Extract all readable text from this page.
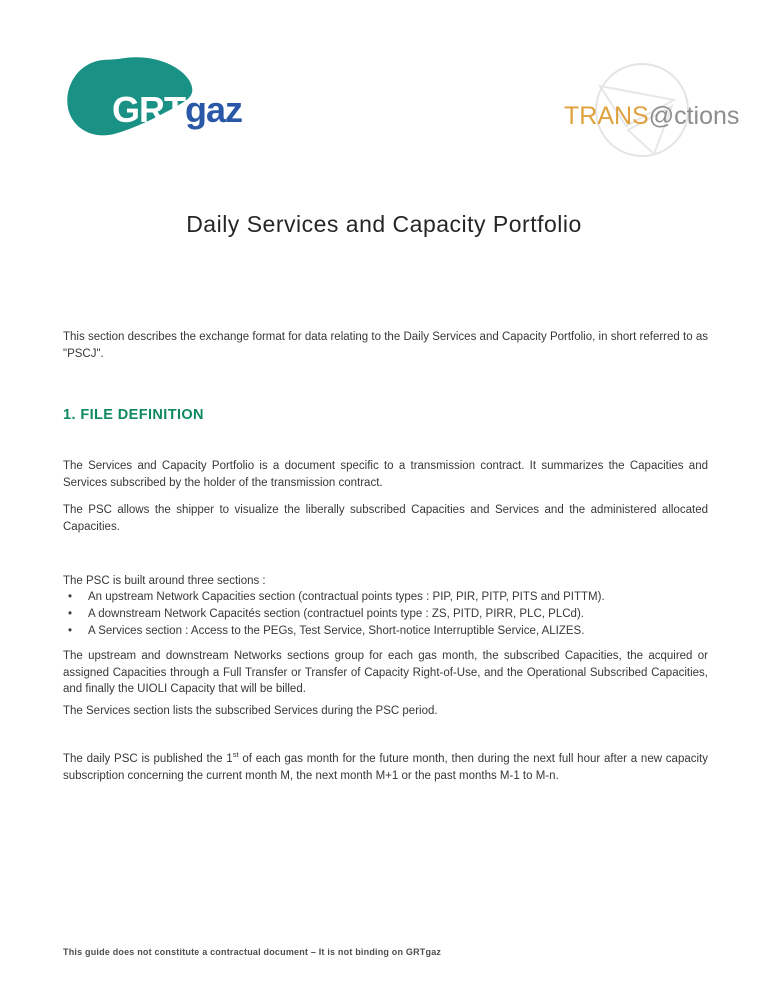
GRTgaz	TRANS@ctions
Daily Services and Capacity Portfolio

This section describes the exchange format for data relating to the Daily Services and Capacity Portfolio, in short referred to as "PSCJ".

1. FILE DEFINITION

The Services and Capacity Portfolio is a document specific to a transmission contract. It summarizes the Capacities and Services subscribed by the holder of the transmission contract.

The PSC allows the shipper to visualize the liberally subscribed Capacities and Services and the administered allocated Capacities.

The PSC is built around three sections :

•	An upstream Network Capacities section (contractual points types : PIP, PIR, PITP, PITS and PITTM).
•	A downstream Network Capacités section (contractuel points type : ZS, PITD, PIRR, PLC, PLCd).
•	A Services section : Access to the PEGs, Test Service, Short-notice Interruptible Service, ALIZES.

The upstream and downstream Networks sections group for each gas month, the subscribed Capacities, the acquired or assigned Capacities through a Full Transfer or Transfer of Capacity Right-of-Use, and the Operational Subscribed Capacities, and finally the UIOLI Capacity that will be billed.

The Services section lists the subscribed Services during the PSC period.

The daily PSC is published the 1st of each gas month for the future month, then during the next full hour after a new capacity subscription concerning the current month M, the next month M+1 or the past months M-1 to M-n.

This guide does not constitute a contractual document – It is not binding on GRTgaz
